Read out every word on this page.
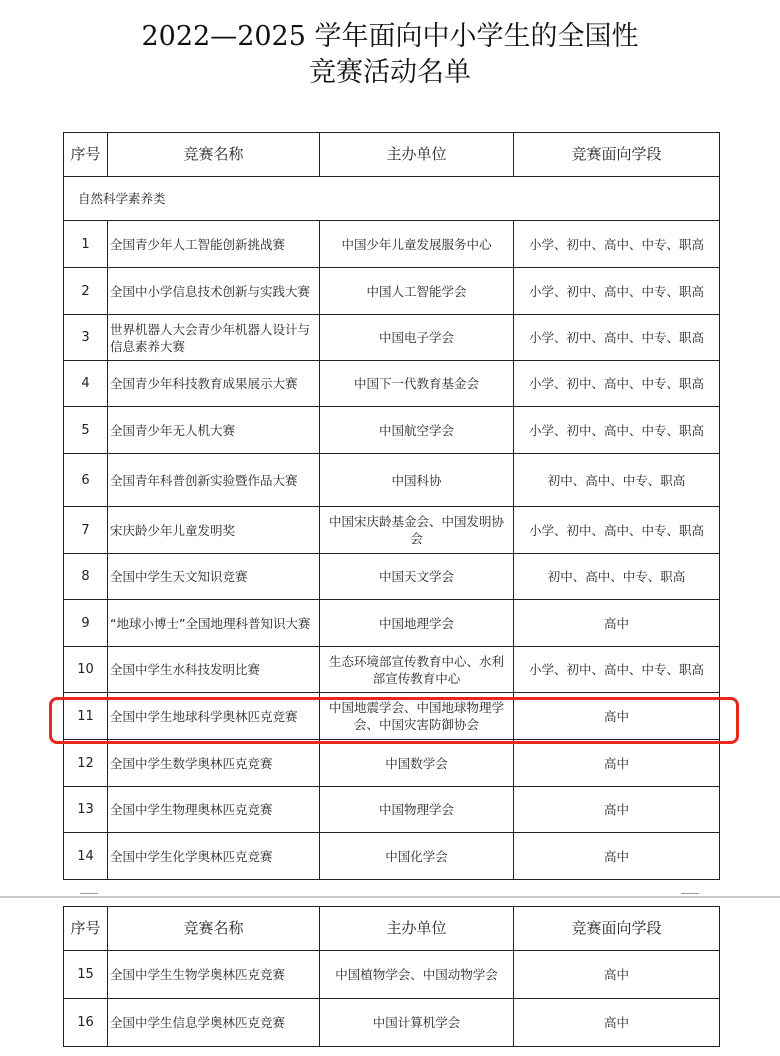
2022—2025 学年面向中小学生的全国性
竞赛活动名单
序号	竞赛名称	主办单位	竞赛面向学段
自然科学素养类			
1	全国青少年人工智能创新挑战赛	中国少年儿童发展服务中心	小学、初中、高中、中专、职高
2	全国中小学信息技术创新与实践大赛	中国人工智能学会	小学、初中、高中、中专、职高
3	世界机器人大会青少年机器人设计与信息素养大赛	中国电子学会	小学、初中、高中、中专、职高
4	全国青少年科技教育成果展示大赛	中国下一代教育基金会	小学、初中、高中、中专、职高
5	全国青少年无人机大赛	中国航空学会	小学、初中、高中、中专、职高
6	全国青年科普创新实验暨作品大赛	中国科协	初中、高中、中专、职高
7	宋庆龄少年儿童发明奖	中国宋庆龄基金会、中国发明协会	小学、初中、高中、中专、职高
8	全国中学生天文知识竞赛	中国天文学会	初中、高中、中专、职高
9	“地球小博士”全国地理科普知识大赛	中国地理学会	高中
10	全国中学生水科技发明比赛	生态环境部宣传教育中心、水利部宣传教育中心	小学、初中、高中、中专、职高
11	全国中学生地球科学奥林匹克竞赛	中国地震学会、中国地球物理学会、中国灾害防御协会	高中
12	全国中学生数学奥林匹克竞赛	中国数学会	高中
13	全国中学生物理奥林匹克竞赛	中国物理学会	高中
14	全国中学生化学奥林匹克竞赛	中国化学会	高中
序号	竞赛名称	主办单位	竞赛面向学段
15	全国中学生生物学奥林匹克竞赛	中国植物学会、中国动物学会	高中
16	全国中学生信息学奥林匹克竞赛	中国计算机学会	高中
